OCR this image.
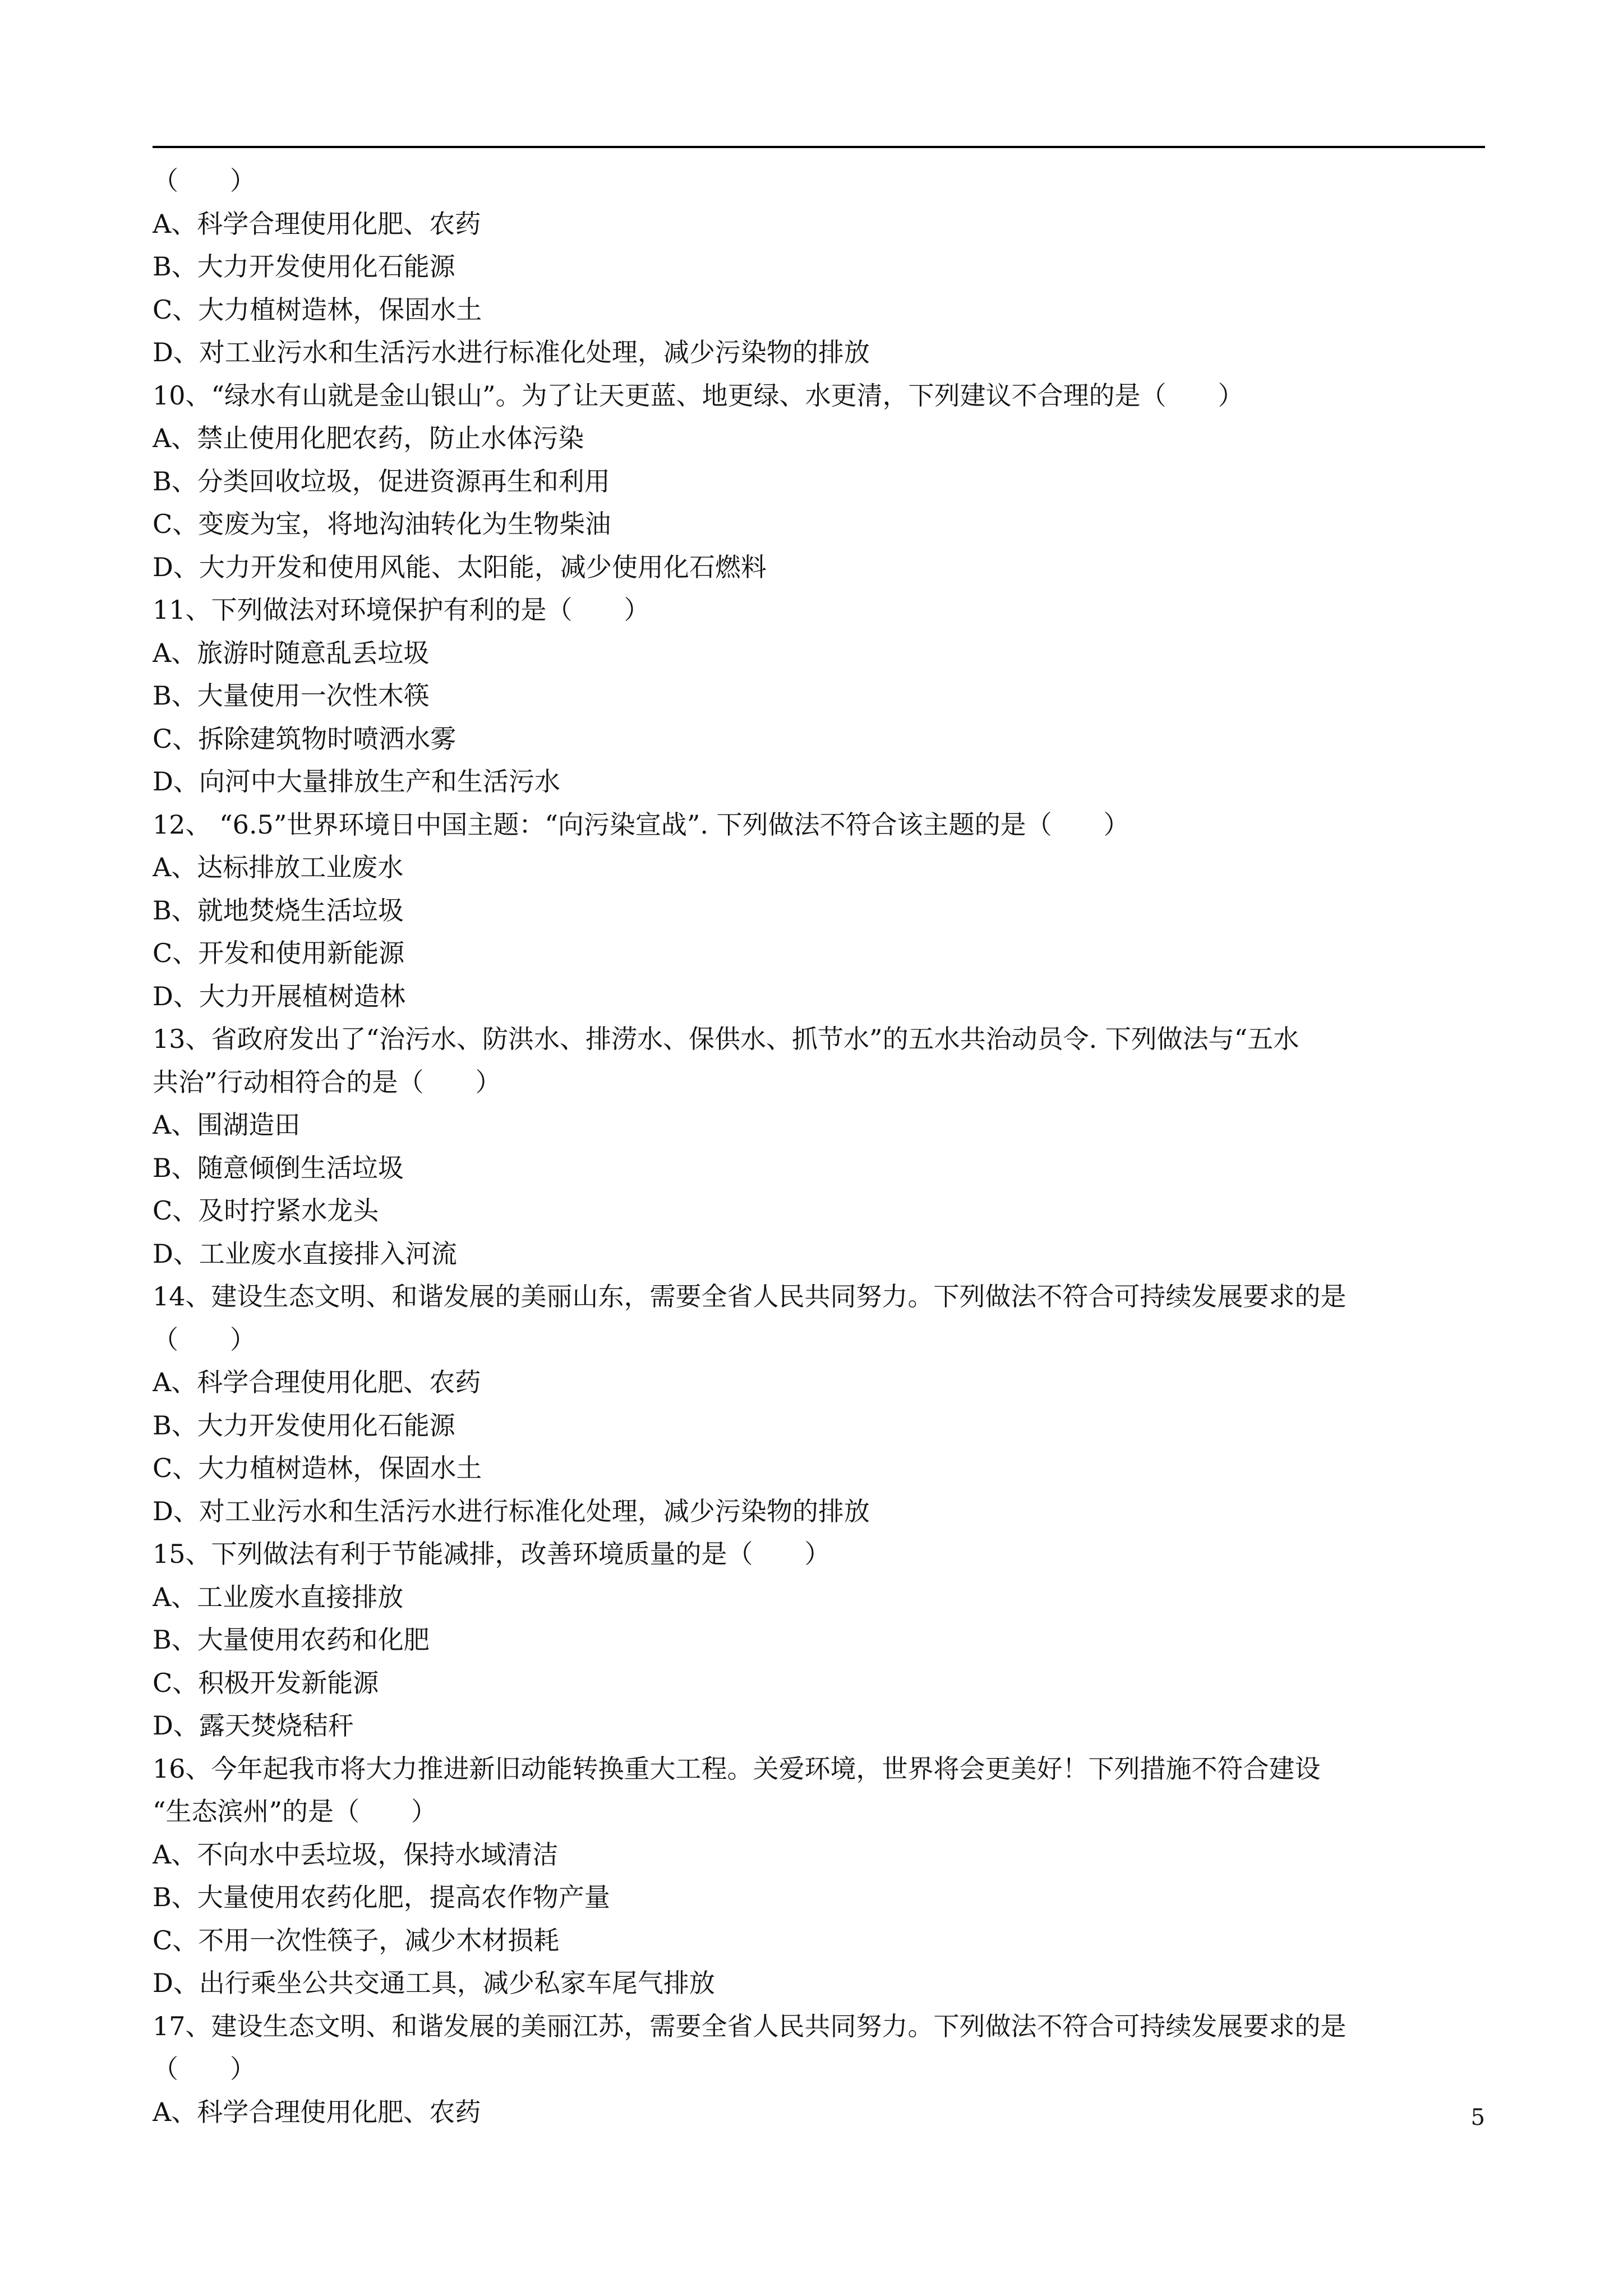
（　　）
A、科学合理使用化肥、农药
B、大力开发使用化石能源
C、大力植树造林，保固水土
D、对工业污水和生活污水进行标准化处理，减少污染物的排放
10、“绿水有山就是金山银山”。为了让天更蓝、地更绿、水更清，下列建议不合理的是（　　）
A、禁止使用化肥农药，防止水体污染
B、分类回收垃圾，促进资源再生和利用
C、变废为宝，将地沟油转化为生物柴油
D、大力开发和使用风能、太阳能，减少使用化石燃料
11、下列做法对环境保护有利的是（　　）
A、旅游时随意乱丢垃圾
B、大量使用一次性木筷
C、拆除建筑物时喷洒水雾
D、向河中大量排放生产和生活污水
12、 “6.5”世界环境日中国主题：“向污染宣战”. 下列做法不符合该主题的是（　　）
A、达标排放工业废水
B、就地焚烧生活垃圾
C、开发和使用新能源
D、大力开展植树造林
13、省政府发出了“治污水、防洪水、排涝水、保供水、抓节水”的五水共治动员令. 下列做法与“五水
共治”行动相符合的是（　　）
A、围湖造田
B、随意倾倒生活垃圾
C、及时拧紧水龙头
D、工业废水直接排入河流
14、建设生态文明、和谐发展的美丽山东，需要全省人民共同努力。下列做法不符合可持续发展要求的是
（　　）
A、科学合理使用化肥、农药
B、大力开发使用化石能源
C、大力植树造林，保固水土
D、对工业污水和生活污水进行标准化处理，减少污染物的排放
15、下列做法有利于节能减排，改善环境质量的是（　　）
A、工业废水直接排放
B、大量使用农药和化肥
C、积极开发新能源
D、露天焚烧秸秆
16、今年起我市将大力推进新旧动能转换重大工程。关爱环境，世界将会更美好！下列措施不符合建设
“生态滨州”的是（　　）
A、不向水中丢垃圾，保持水域清洁
B、大量使用农药化肥，提高农作物产量
C、不用一次性筷子，减少木材损耗
D、出行乘坐公共交通工具，减少私家车尾气排放
17、建设生态文明、和谐发展的美丽江苏，需要全省人民共同努力。下列做法不符合可持续发展要求的是
（　　）
A、科学合理使用化肥、农药	5
